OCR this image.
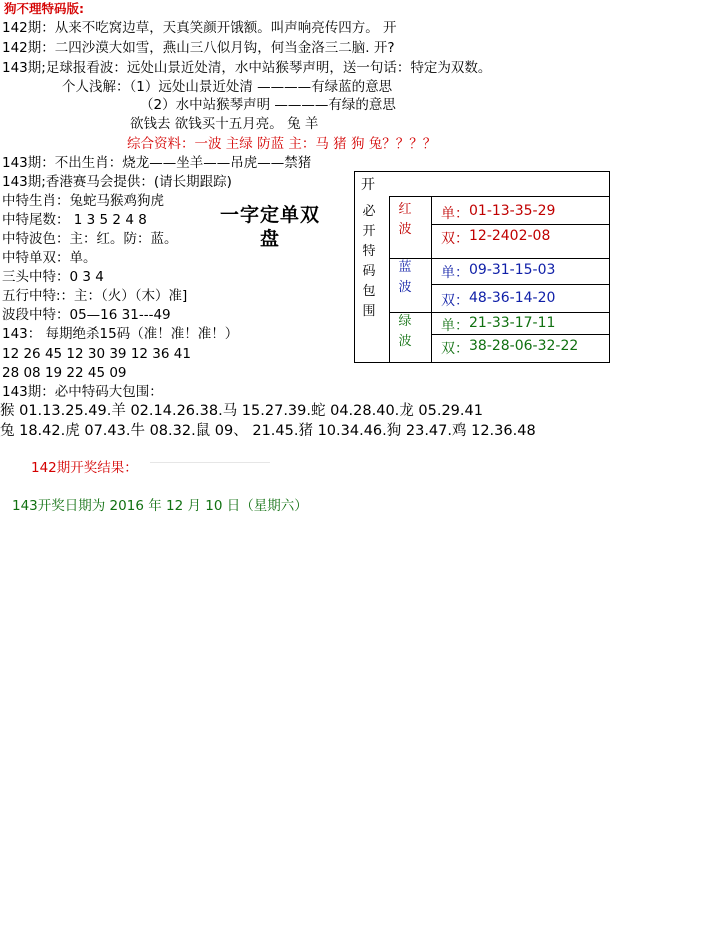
狗不理特码版:
142期：从来不吃窝边草，天真笑颜开饿额。叫声响亮传四方。 开
142期：二四沙漠大如雪，燕山三八似月钩，何当金洛三二脑. 开?
143期;足球报看波：远处山景近处清，水中站猴琴声明，送一句话：特定为双数。
个人浅解：（1）远处山景近处清 ————有绿蓝的意思
（2）水中站猴琴声明 ————有绿的意思
欲钱去 欲钱买十五月亮。 兔 羊
综合资料：一波 主绿 防蓝 主：马 猪 狗 兔？？？？
143期：不出生肖：烧龙——坐羊——吊虎——禁猪
143期;香港赛马会提供：(请长期跟踪)
中特生肖：兔蛇马猴鸡狗虎
中特尾数： 1 3 5 2 4 8
中特波色：主：红。防：蓝。
中特单双：单。
三头中特：0 3 4
五行中特:：主：（火）（木）准]
波段中特：05—16 31---49
143： 每期绝杀15码（准！准！准！）
12 26 45 12 30 39 12 36 41
28 08 19 22 45 09
一字定单双盘
开
必开特码包围
红波
单： 01-13-35-29
双： 12-2402-08
蓝波
单： 09-31-15-03
双： 48-36-14-20
绿波
单： 21-33-17-11
双： 38-28-06-32-22
143期：必中特码大包围：
猴 01.13.25.49.羊 02.14.26.38.马 15.27.39.蛇 04.28.40.龙 05.29.41
兔 18.42.虎 07.43.牛 08.32.鼠 09、 21.45.猪 10.34.46.狗 23.47.鸡 12.36.48
142期开奖结果：
143开奖日期为 2016 年 12 月 10 日（星期六）
